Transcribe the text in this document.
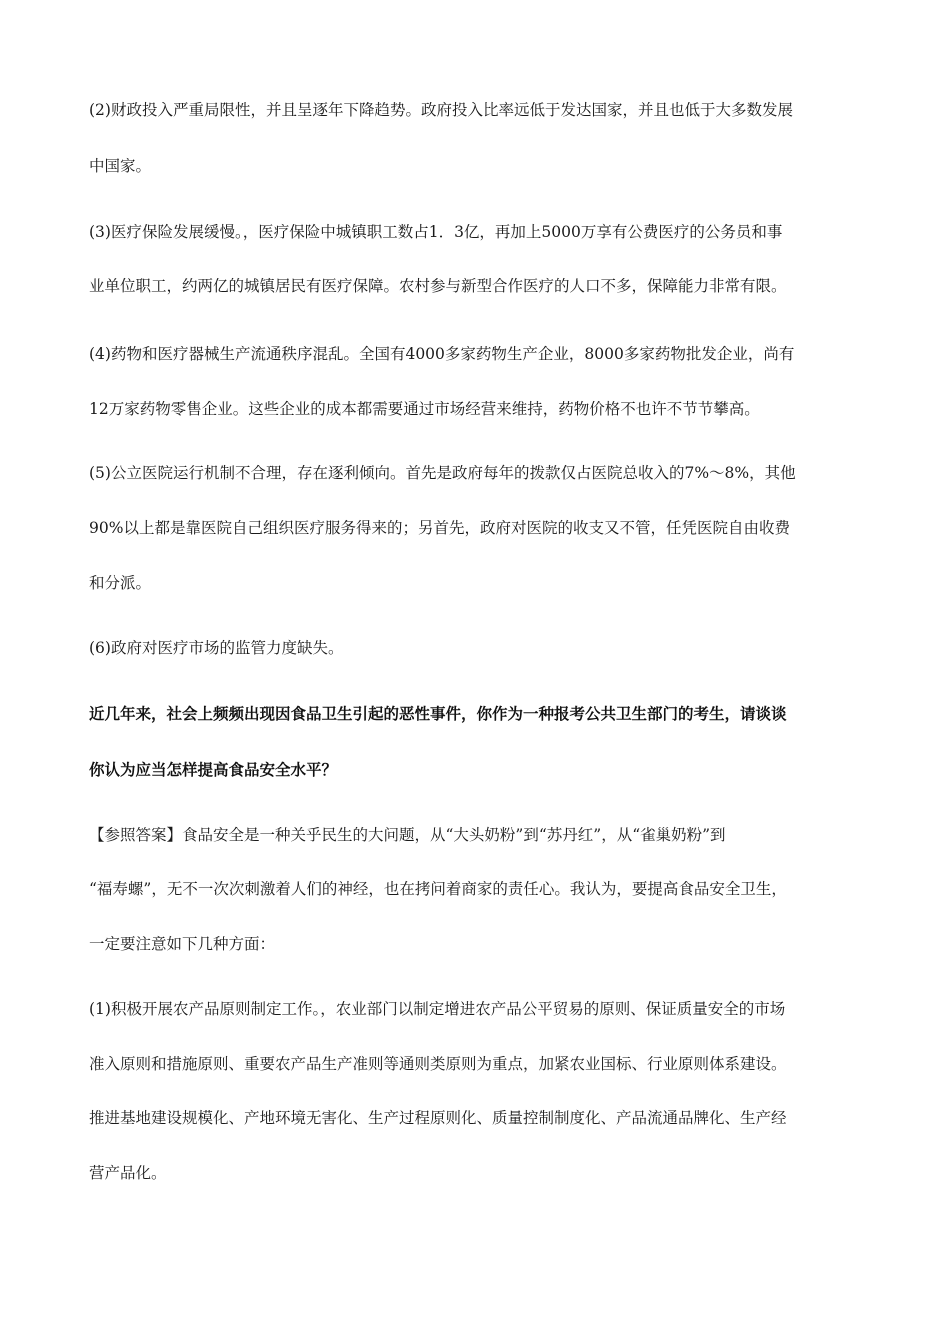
(2)财政投入严重局限性，并且呈逐年下降趋势。政府投入比率远低于发达国家，并且也低于大多数发展
中国家。
(3)医疗保险发展缓慢。，医疗保险中城镇职工数占1．3亿，再加上5000万享有公费医疗的公务员和事
业单位职工，约两亿的城镇居民有医疗保障。农村参与新型合作医疗的人口不多，保障能力非常有限。
(4)药物和医疗器械生产流通秩序混乱。全国有4000多家药物生产企业，8000多家药物批发企业，尚有
12万家药物零售企业。这些企业的成本都需要通过市场经营来维持，药物价格不也许不节节攀高。
(5)公立医院运行机制不合理，存在逐利倾向。首先是政府每年的拨款仅占医院总收入的7%～8%，其他
90%以上都是靠医院自己组织医疗服务得来的；另首先，政府对医院的收支又不管，任凭医院自由收费
和分派。
(6)政府对医疗市场的监管力度缺失。
近几年来，社会上频频出现因食品卫生引起的恶性事件，你作为一种报考公共卫生部门的考生，请谈谈
你认为应当怎样提高食品安全水平？
【参照答案】食品安全是一种关乎民生的大问题，从“大头奶粉”到“苏丹红”，从“雀巢奶粉”到
“福寿螺”，无不一次次刺激着人们的神经，也在拷问着商家的责任心。我认为，要提高食品安全卫生，
一定要注意如下几种方面：
(1)积极开展农产品原则制定工作。，农业部门以制定增进农产品公平贸易的原则、保证质量安全的市场
准入原则和措施原则、重要农产品生产准则等通则类原则为重点，加紧农业国标、行业原则体系建设。
推进基地建设规模化、产地环境无害化、生产过程原则化、质量控制制度化、产品流通品牌化、生产经
营产品化。
